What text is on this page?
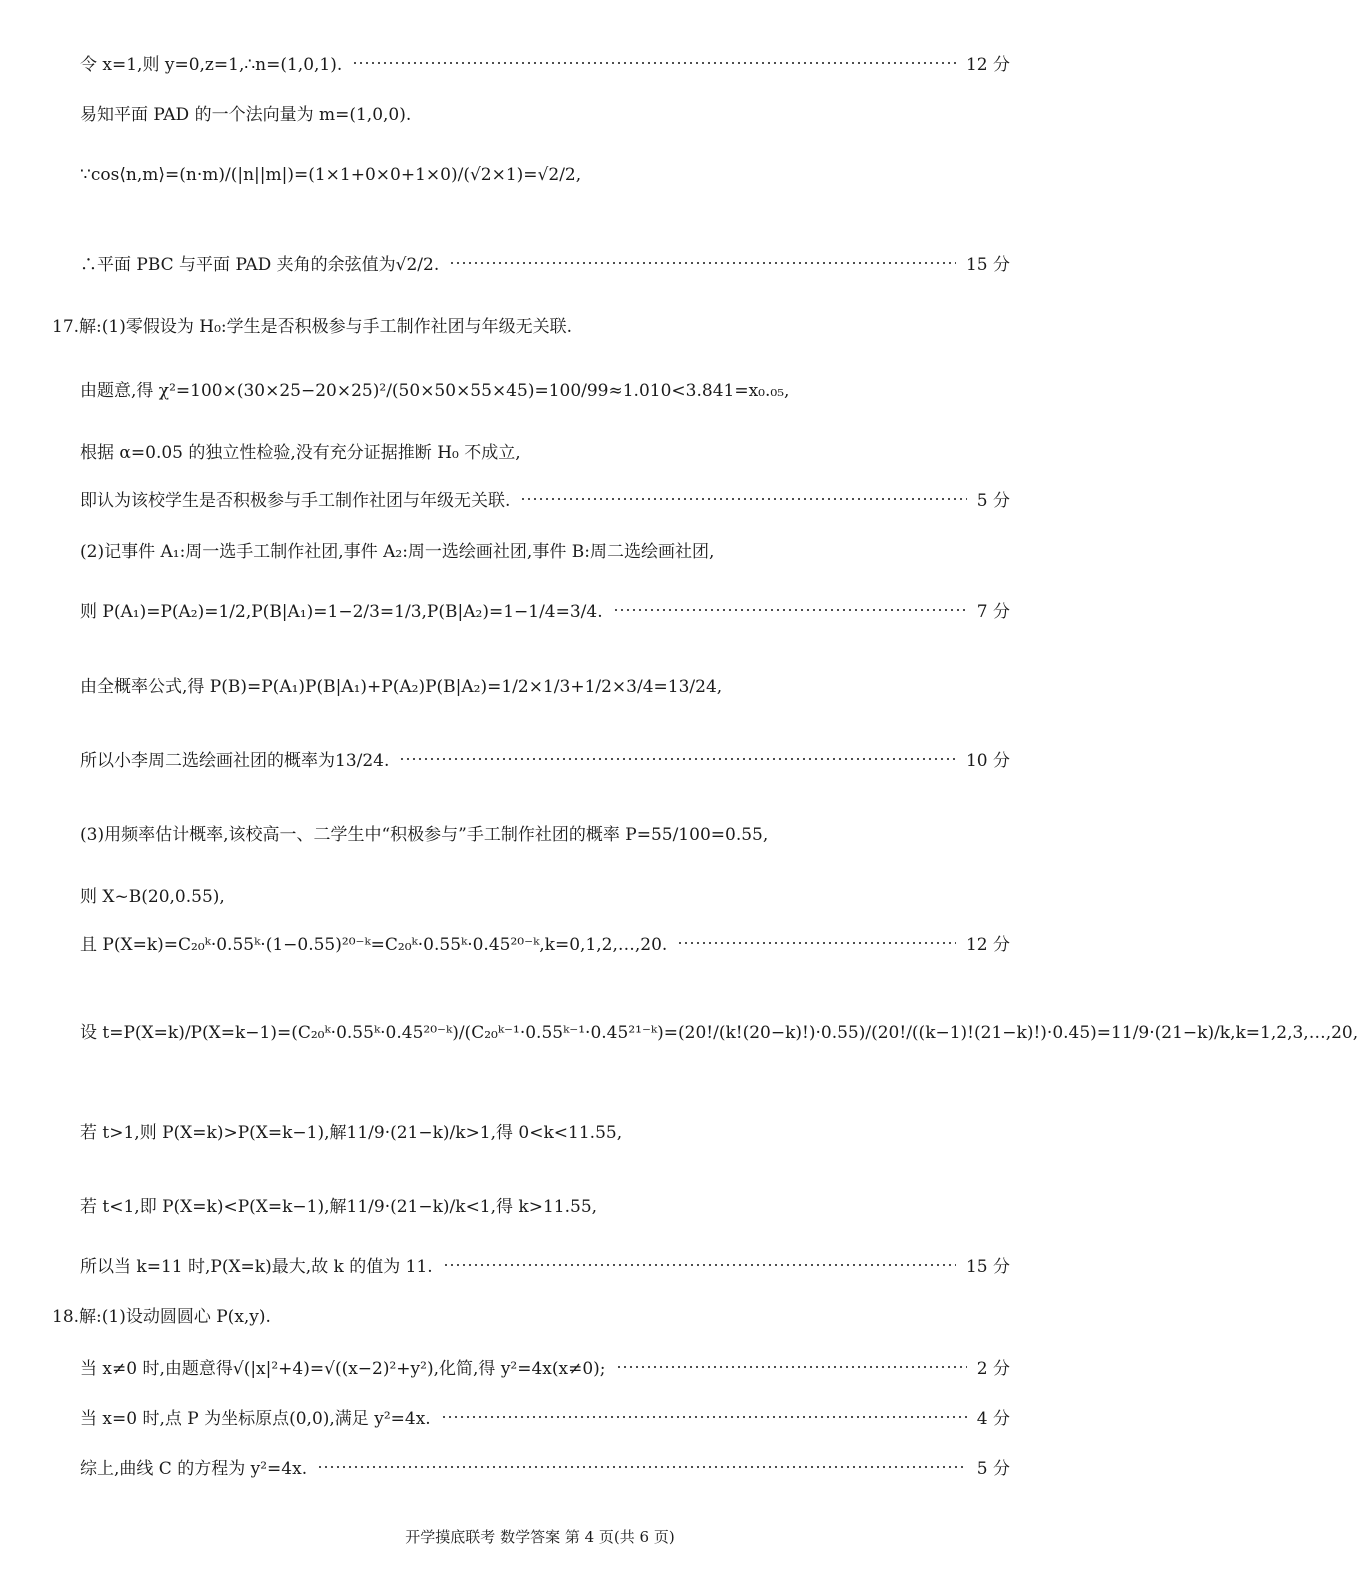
令 x=1,则 y=0,z=1,∴n=(1,0,1).	12 分
易知平面 PAD 的一个法向量为 m=(1,0,0).
∵cos⟨n,m⟩=(n·m)/(|n||m|)=(1×1+0×0+1×0)/(√2×1)=√2/2,
∴平面 PBC 与平面 PAD 夹角的余弦值为√2/2.	15 分
17.解:(1)零假设为 H₀:学生是否积极参与手工制作社团与年级无关联.
由题意,得 χ²=100×(30×25−20×25)²/(50×50×55×45)=100/99≈1.010<3.841=x₀.₀₅,
根据 α=0.05 的独立性检验,没有充分证据推断 H₀ 不成立,
即认为该校学生是否积极参与手工制作社团与年级无关联.	5 分
(2)记事件 A₁:周一选手工制作社团,事件 A₂:周一选绘画社团,事件 B:周二选绘画社团,
则 P(A₁)=P(A₂)=1/2,P(B|A₁)=1−2/3=1/3,P(B|A₂)=1−1/4=3/4.	7 分
由全概率公式,得 P(B)=P(A₁)P(B|A₁)+P(A₂)P(B|A₂)=1/2×1/3+1/2×3/4=13/24,
所以小李周二选绘画社团的概率为13/24.	10 分
(3)用频率估计概率,该校高一、二学生中“积极参与”手工制作社团的概率 P=55/100=0.55,
则 X~B(20,0.55),
且 P(X=k)=C₂₀ᵏ·0.55ᵏ·(1−0.55)²⁰⁻ᵏ=C₂₀ᵏ·0.55ᵏ·0.45²⁰⁻ᵏ,k=0,1,2,…,20.	12 分
设 t=P(X=k)/P(X=k−1)=(C₂₀ᵏ·0.55ᵏ·0.45²⁰⁻ᵏ)/(C₂₀ᵏ⁻¹·0.55ᵏ⁻¹·0.45²¹⁻ᵏ)=(20!/(k!(20−k)!)·0.55)/(20!/((k−1)!(21−k)!)·0.45)=11/9·(21−k)/k,k=1,2,3,…,20,
若 t>1,则 P(X=k)>P(X=k−1),解11/9·(21−k)/k>1,得 0<k<11.55,
若 t<1,即 P(X=k)<P(X=k−1),解11/9·(21−k)/k<1,得 k>11.55,
所以当 k=11 时,P(X=k)最大,故 k 的值为 11.	15 分
18.解:(1)设动圆圆心 P(x,y).
当 x≠0 时,由题意得√(|x|²+4)=√((x−2)²+y²),化简,得 y²=4x(x≠0);	2 分
当 x=0 时,点 P 为坐标原点(0,0),满足 y²=4x.	4 分
综上,曲线 C 的方程为 y²=4x.	5 分
开学摸底联考 数学答案 第 4 页(共 6 页)
